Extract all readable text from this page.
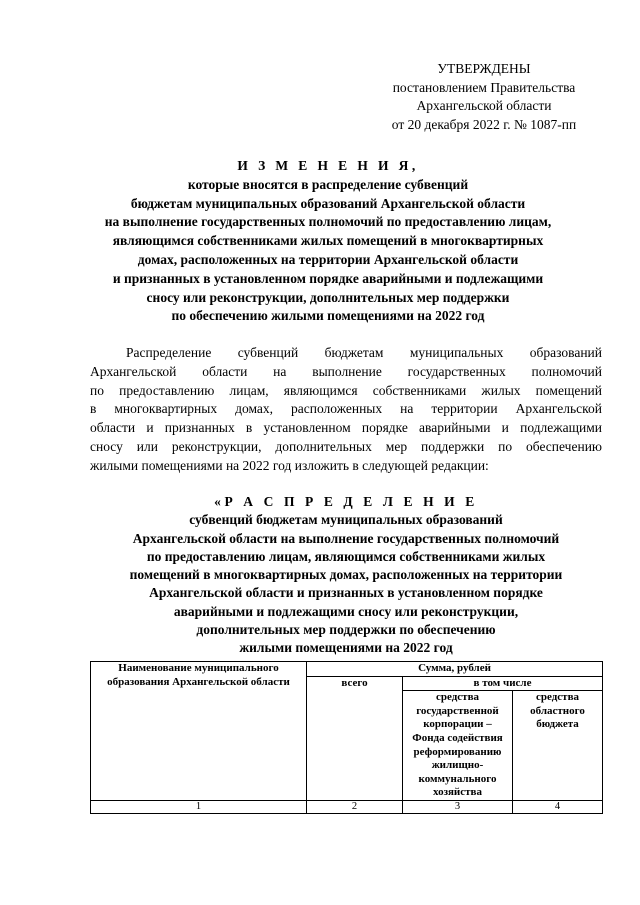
УТВЕРЖДЕНЫ
постановлением Правительства
Архангельской области
от 20 декабря 2022 г. № 1087-пп
И З М Е Н Е Н И Я,
которые вносятся в распределение субвенций
бюджетам муниципальных образований Архангельской области
на выполнение государственных полномочий по предоставлению лицам,
являющимся собственниками жилых помещений в многоквартирных
домах, расположенных на территории Архангельской области
и признанных в установленном порядке аварийными и подлежащими
сносу или реконструкции, дополнительных мер поддержки
по обеспечению жилыми помещениями на 2022 год
Распределение субвенций бюджетам муниципальных образований
Архангельской области на выполнение государственных полномочий
по предоставлению лицам, являющимся собственниками жилых помещений
в многоквартирных домах, расположенных на территории Архангельской
области и признанных в установленном порядке аварийными и подлежащими
сносу или реконструкции, дополнительных мер поддержки по обеспечению
жилыми помещениями на 2022 год изложить в следующей редакции:
«Р А С П Р Е Д Е Л Е Н И Е
субвенций бюджетам муниципальных образований
Архангельской области на выполнение государственных полномочий
по предоставлению лицам, являющимся собственниками жилых
помещений в многоквартирных домах, расположенных на территории
Архангельской области и признанных в установленном порядке
аварийными и подлежащими сносу или реконструкции,
дополнительных мер поддержки по обеспечению
жилыми помещениями на 2022 год
Наименование муниципального образования Архангельской области	Сумма, рублей		
	всего	в том числе	
		средства государственной корпорации – Фонда содействия реформированию жилищно-коммунального хозяйства	средства областного бюджета
1	2	3	4
